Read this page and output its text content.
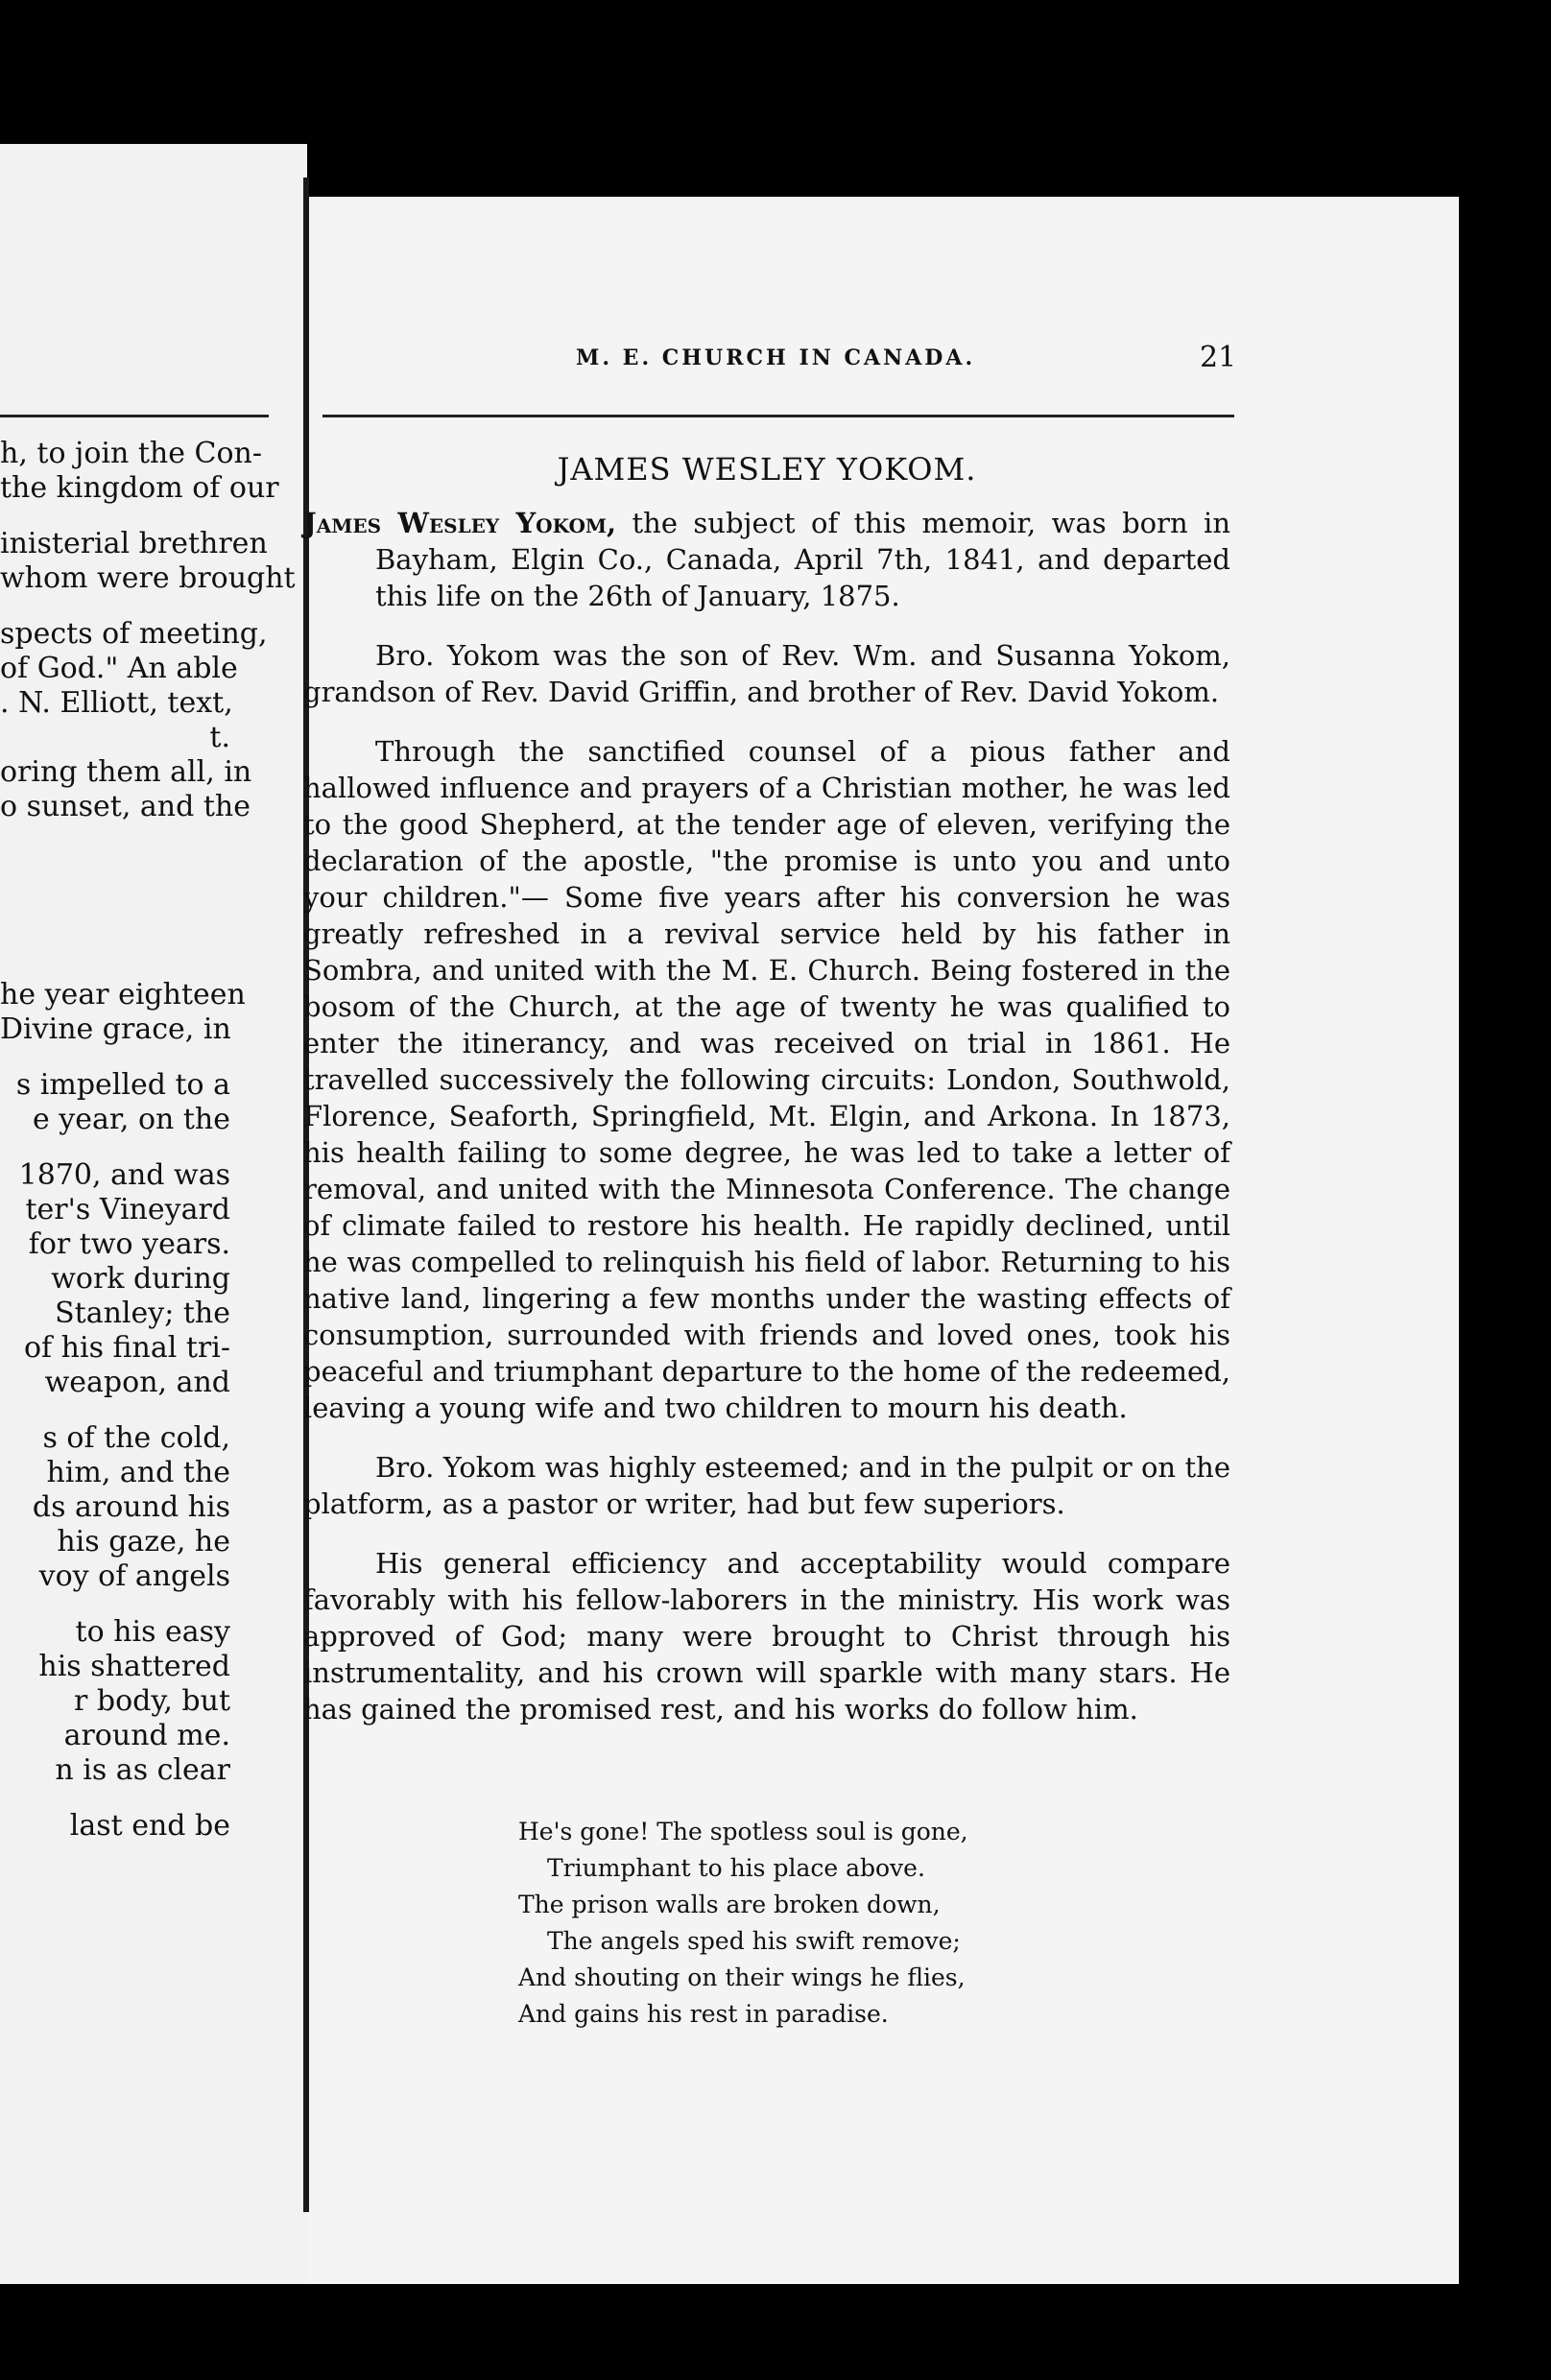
h, to join the Con-
the kingdom of our
inisterial brethren
whom were brought
spects of meeting,
of God." An able
. N. Elliott, text,
t.
oring them all, in
o sunset, and the
he year eighteen
Divine grace, in
s impelled to a
e year, on the
1870, and was
ter's Vineyard
for two years.
work during
Stanley; the
of his final tri-
weapon, and
s of the cold,
him, and the
ds around his
his gaze, he
voy of angels
to his easy
his shattered
r body, but
around me.
n is as clear
last end be
M. E. CHURCH IN CANADA.	21
JAMES WESLEY YOKOM.

James Wesley Yokom, the subject of this memoir, was born in Bayham, Elgin Co., Canada, April 7th, 1841, and departed this life on the 26th of January, 1875.

Bro. Yokom was the son of Rev. Wm. and Susanna Yokom, grandson of Rev. David Griffin, and brother of Rev. David Yokom.

Through the sanctified counsel of a pious father and hallowed influence and prayers of a Christian mother, he was led to the good Shepherd, at the tender age of eleven, verifying the declaration of the apostle, "the promise is unto you and unto your children."— Some five years after his conversion he was greatly refreshed in a revival service held by his father in Sombra, and united with the M. E. Church. Being fostered in the bosom of the Church, at the age of twenty he was qualified to enter the itinerancy, and was received on trial in 1861. He travelled successively the following circuits: London, Southwold, Florence, Seaforth, Springfield, Mt. Elgin, and Arkona. In 1873, his health failing to some degree, he was led to take a letter of removal, and united with the Minnesota Conference. The change of climate failed to restore his health. He rapidly declined, until he was compelled to relinquish his field of labor. Returning to his native land, lingering a few months under the wasting effects of consumption, surrounded with friends and loved ones, took his peaceful and triumphant departure to the home of the redeemed, leaving a young wife and two children to mourn his death.

Bro. Yokom was highly esteemed; and in the pulpit or on the platform, as a pastor or writer, had but few superiors.

His general efficiency and acceptability would compare favorably with his fellow-laborers in the ministry. His work was approved of God; many were brought to Christ through his instrumentality, and his crown will sparkle with many stars. He has gained the promised rest, and his works do follow him.

He's gone! The spotless soul is gone,
Triumphant to his place above.
The prison walls are broken down,
The angels sped his swift remove;
And shouting on their wings he flies,
And gains his rest in paradise.
